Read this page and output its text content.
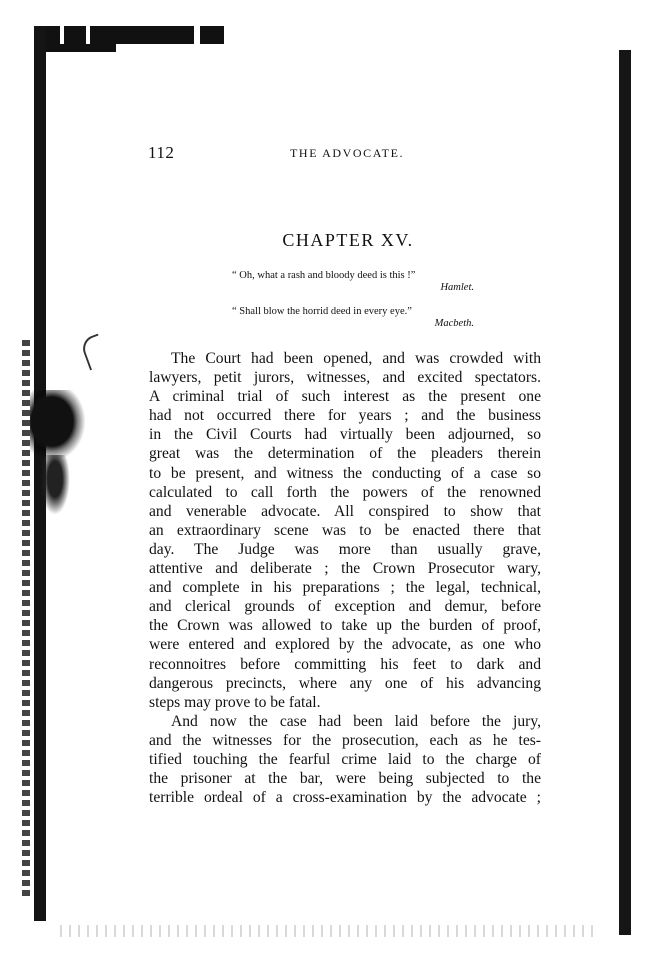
112	THE ADVOCATE.
CHAPTER XV.
“ Oh, what a rash and bloody deed is this !”
Hamlet.
“ Shall blow the horrid deed in every eye.”
Macbeth.
The Court had been opened, and was crowded with
lawyers, petit jurors, witnesses, and excited spectators.
A criminal trial of such interest as the present one
had not occurred there for years ; and the business
in the Civil Courts had virtually been adjourned, so
great was the determination of the pleaders therein
to be present, and witness the conducting of a case so
calculated to call forth the powers of the renowned
and venerable advocate. All conspired to show that
an extraordinary scene was to be enacted there that
day. The Judge was more than usually grave,
attentive and deliberate ; the Crown Prosecutor wary,
and complete in his preparations ; the legal, technical,
and clerical grounds of exception and demur, before
the Crown was allowed to take up the burden of proof,
were entered and explored by the advocate, as one who
reconnoitres before committing his feet to dark and
dangerous precincts, where any one of his advancing
steps may prove to be fatal.
And now the case had been laid before the jury,
and the witnesses for the prosecution, each as he tes-
tified touching the fearful crime laid to the charge of
the prisoner at the bar, were being subjected to the
terrible ordeal of a cross-examination by the advocate ;
